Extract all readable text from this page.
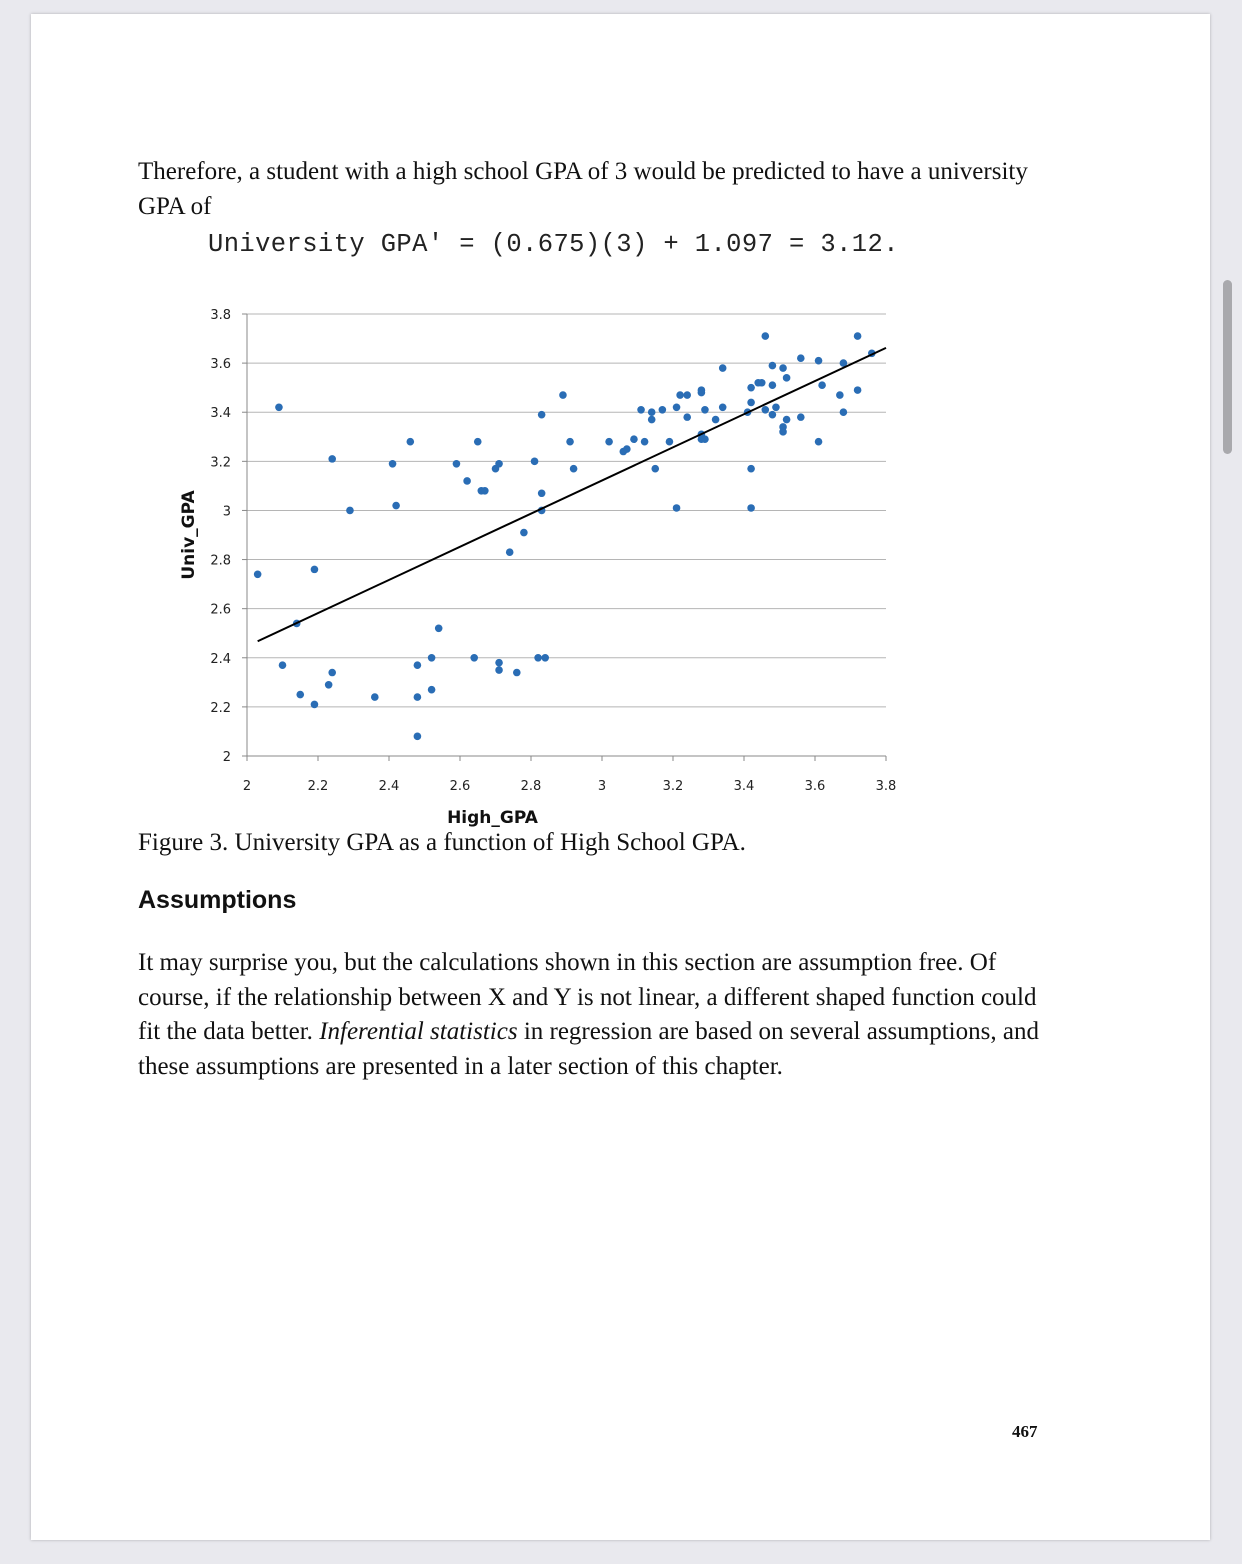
Therefore, a student with a high school GPA of 3 would be predicted to have a university GPA of

University GPA' = (0.675)(3) + 1.097 = 3.12.

2
2.2
2.4
2.6
2.8
3
3.2
3.4
3.6
3.8
2	2.2	2.4	2.6	2.8	3	3.2	3.4	3.6	3.8
High_GPA
Univ_GPA

Figure 3. University GPA as a function of High School GPA.

Assumptions

It may surprise you, but the calculations shown in this section are assumption free. Of course, if the relationship between X and Y is not linear, a different shaped function could fit the data better. Inferential statistics in regression are based on several assumptions, and these assumptions are presented in a later section of this chapter.

467
